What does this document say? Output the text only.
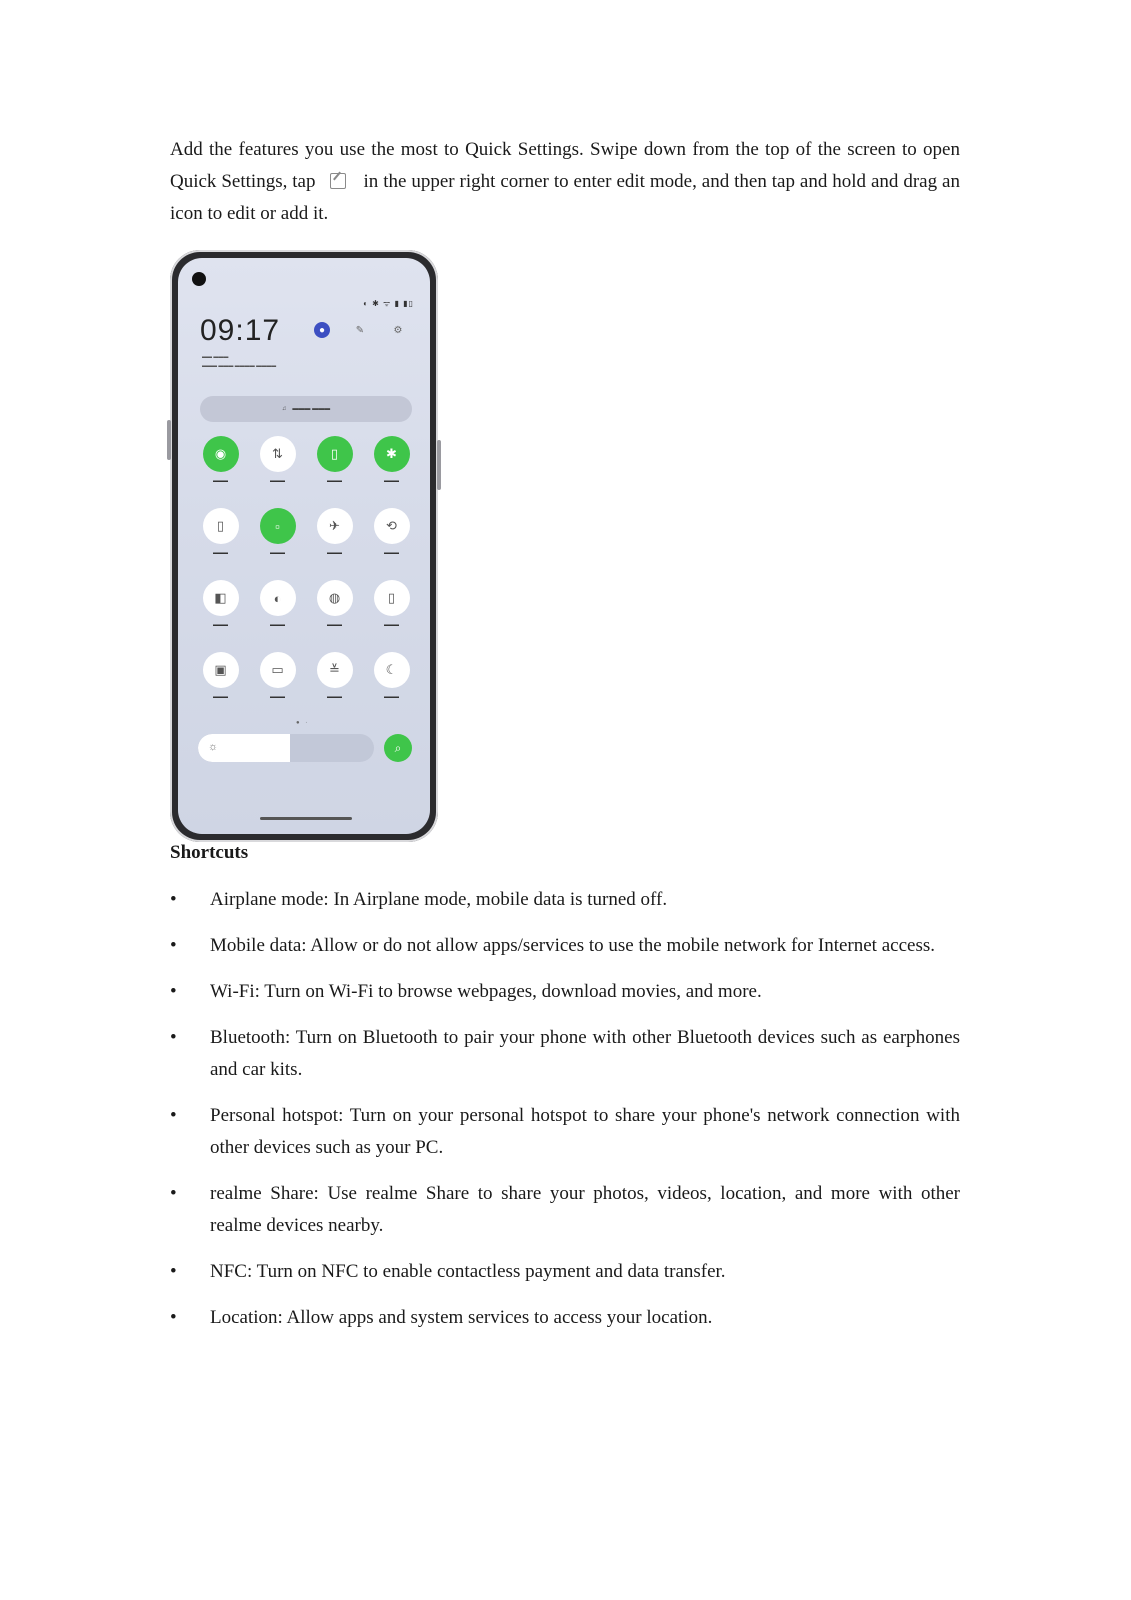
Add the features you use the most to Quick Settings. Swipe down from the top of the screen to open Quick Settings, tap	in the upper right corner to enter edit mode, and then tap and hold and drag an icon to edit or add it.

◐ ✱ ᯤ ▮ ▮▯
09:17
▬▬ ▬▬▬
▬▬▬ ▬▬▬ ▬▬▬▬ ▬▬▬▬
●	✎	⚙
♫ ▬▬▬ ▬▬▬
◉
▬▬▬
⇅
▬▬▬
▯
▬▬▬
✱
▬▬▬
▯
▬▬▬
▫
▬▬▬
✈
▬▬▬
⟲
▬▬▬
◧
▬▬▬
◐
▬▬▬
◍
▬▬▬
▯
▬▬▬
▣
▬▬▬
▭
▬▬▬
≚
▬▬▬
☾
▬▬▬
● ·
☼	⌕
Shortcuts
• Airplane mode: In Airplane mode, mobile data is turned off.
• Mobile data: Allow or do not allow apps/services to use the mobile network for Internet access.
• Wi-Fi: Turn on Wi-Fi to browse webpages, download movies, and more.
• Bluetooth: Turn on Bluetooth to pair your phone with other Bluetooth devices such as earphones and car kits.
• Personal hotspot: Turn on your personal hotspot to share your phone's network connection with other devices such as your PC.
• realme Share: Use realme Share to share your photos, videos, location, and more with other realme devices nearby.
• NFC: Turn on NFC to enable contactless payment and data transfer.
• Location: Allow apps and system services to access your location.
